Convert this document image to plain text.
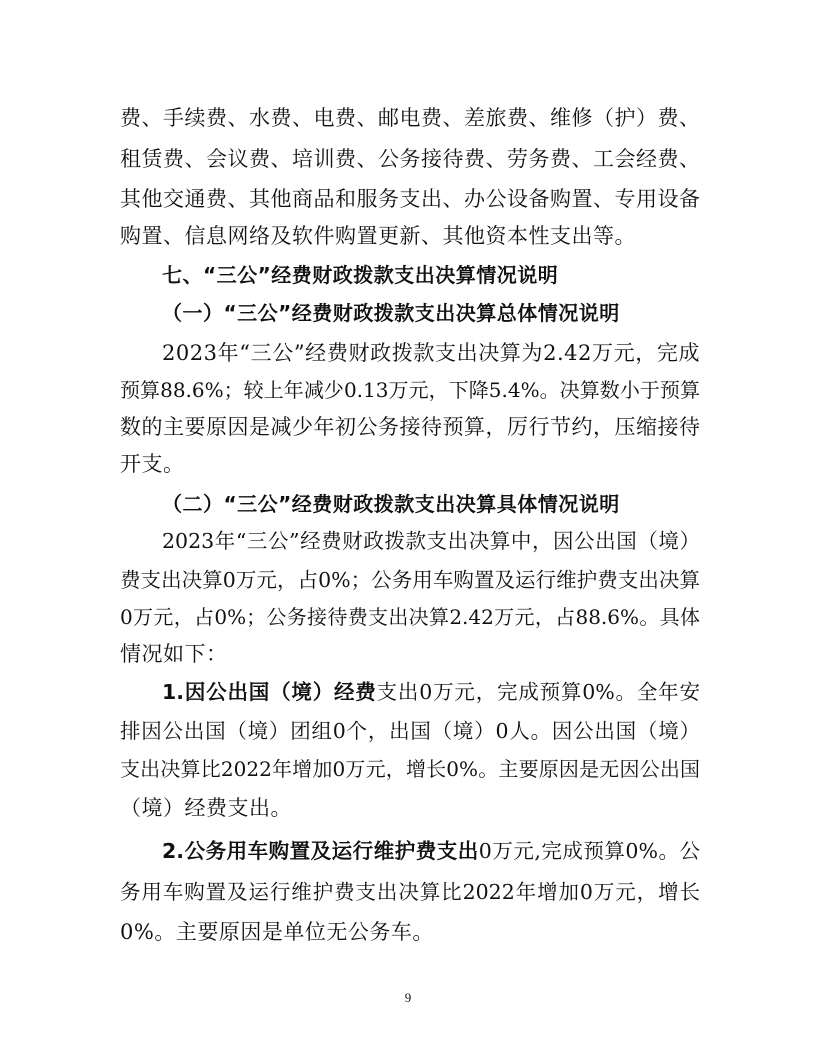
费、手续费、水费、电费、邮电费、差旅费、维修（护）费、
租赁费、会议费、培训费、公务接待费、劳务费、工会经费、
其他交通费、其他商品和服务支出、办公设备购置、专用设备
购置、信息网络及软件购置更新、其他资本性支出等。
七、“三公”经费财政拨款支出决算情况说明
（一）“三公”经费财政拨款支出决算总体情况说明
2023年“三公”经费财政拨款支出决算为2.42万元，完成
预算88.6%；较上年减少0.13万元，下降5.4%。决算数小于预算
数的主要原因是减少年初公务接待预算，厉行节约，压缩接待
开支。
（二）“三公”经费财政拨款支出决算具体情况说明
2023年“三公”经费财政拨款支出决算中，因公出国（境）
费支出决算0万元，占0%；公务用车购置及运行维护费支出决算
0万元，占0%；公务接待费支出决算2.42万元，占88.6%。具体
情况如下：
1.因公出国（境）经费支出0万元，完成预算0%。全年安
排因公出国（境）团组0个，出国（境）0人。因公出国（境）
支出决算比2022年增加0万元，增长0%。主要原因是无因公出国
（境）经费支出。
2.公务用车购置及运行维护费支出0万元,完成预算0%。公
务用车购置及运行维护费支出决算比2022年增加0万元，增长
0%。主要原因是单位无公务车。
9
